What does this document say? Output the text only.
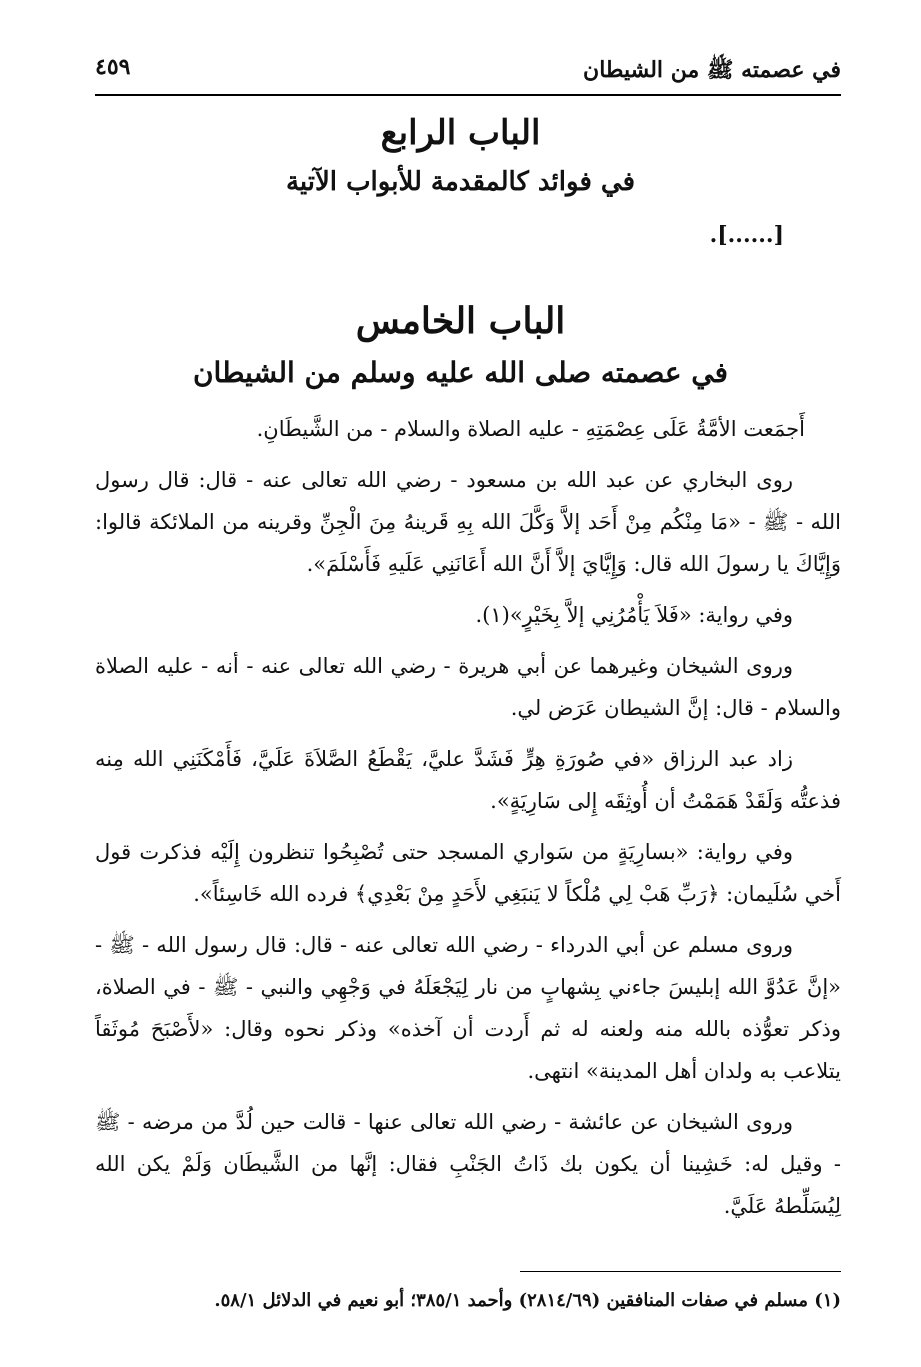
في عصمته ﷺ من الشيطان
٤٥٩
الباب الرابع
في فوائد كالمقدمة للأبواب الآتية
[......].
الباب الخامس
في عصمته صلى الله عليه وسلم من الشيطان

أَجمَعت الأمَّةُ عَلَى عِصْمَتِهِ - عليه الصلاة والسلام - من الشَّيطَانِ.

روى البخاري عن عبد الله بن مسعود - رضي الله تعالى عنه - قال: قال رسول الله - ﷺ - «مَا مِنْكُم مِنْ أَحَد إلاَّ وَكَّلَ الله بِهِ قَرينهُ مِنَ الْجِنِّ وقرينه من الملائكة قالوا: وَإِيَّاكَ يا رسولَ الله قال: وَإِيَّايَ إلاَّ أَنَّ الله أَعَانَنِي عَلَيهِ فَأَسْلَمَ».

وفي رواية: «فَلاَ يَأْمُرُنِي إلاَّ بِخَيْرٍ»(١).

وروى الشيخان وغيرهما عن أبي هريرة - رضي الله تعالى عنه - أنه - عليه الصلاة والسلام - قال: إنَّ الشيطان عَرَض لي.

زاد عبد الرزاق «في صُورَةِ هِرٍّ فَشَدَّ عليَّ، يَقْطَعُ الصَّلاَةَ عَلَيَّ، فَأَمْكَنَنِي الله مِنه فذعتُّه وَلَقَدْ هَمَمْتُ أن أُوثِقَه إِلى سَارِيَةٍ».

وفي رواية: «بسارِيَةٍ من سَواري المسجد حتى تُصْبِحُوا تنظرون إِلَيْه فذكرت قول أَخي سُلَيمان: ﴿رَبِّ هَبْ لِي مُلْكاً لا يَنبَغِي لأَحَدٍ مِنْ بَعْدِي﴾ فرده الله خَاسِئاً».

وروى مسلم عن أبي الدرداء - رضي الله تعالى عنه - قال: قال رسول الله - ﷺ - «إنَّ عَدُوَّ الله إبليسَ جاءني بِشهابٍ من نار لِيَجْعَلَهُ في وَجْهِي والنبي - ﷺ - في الصلاة، وذكر تعوُّذه بالله منه ولعنه له ثم أَردت أن آخذه» وذكر نحوه وقال: «لأَصْبَحَ مُوثَقاً يتلاعب به ولدان أهل المدينة» انتهى.

وروى الشيخان عن عائشة - رضي الله تعالى عنها - قالت حين لُدَّ من مرضه - ﷺ - وقيل له: خَشِينا أن يكون بك ذَاتُ الجَنْبِ فقال: إنَّها من الشَّيطَان وَلَمْ يكن الله لِيُسَلِّطهُ عَلَيَّ.

(١) مسلم في صفات المنافقين (٢٨١٤/٦٩) وأحمد ٣٨٥/١؛ أبو نعيم في الدلائل ٥٨/١.
